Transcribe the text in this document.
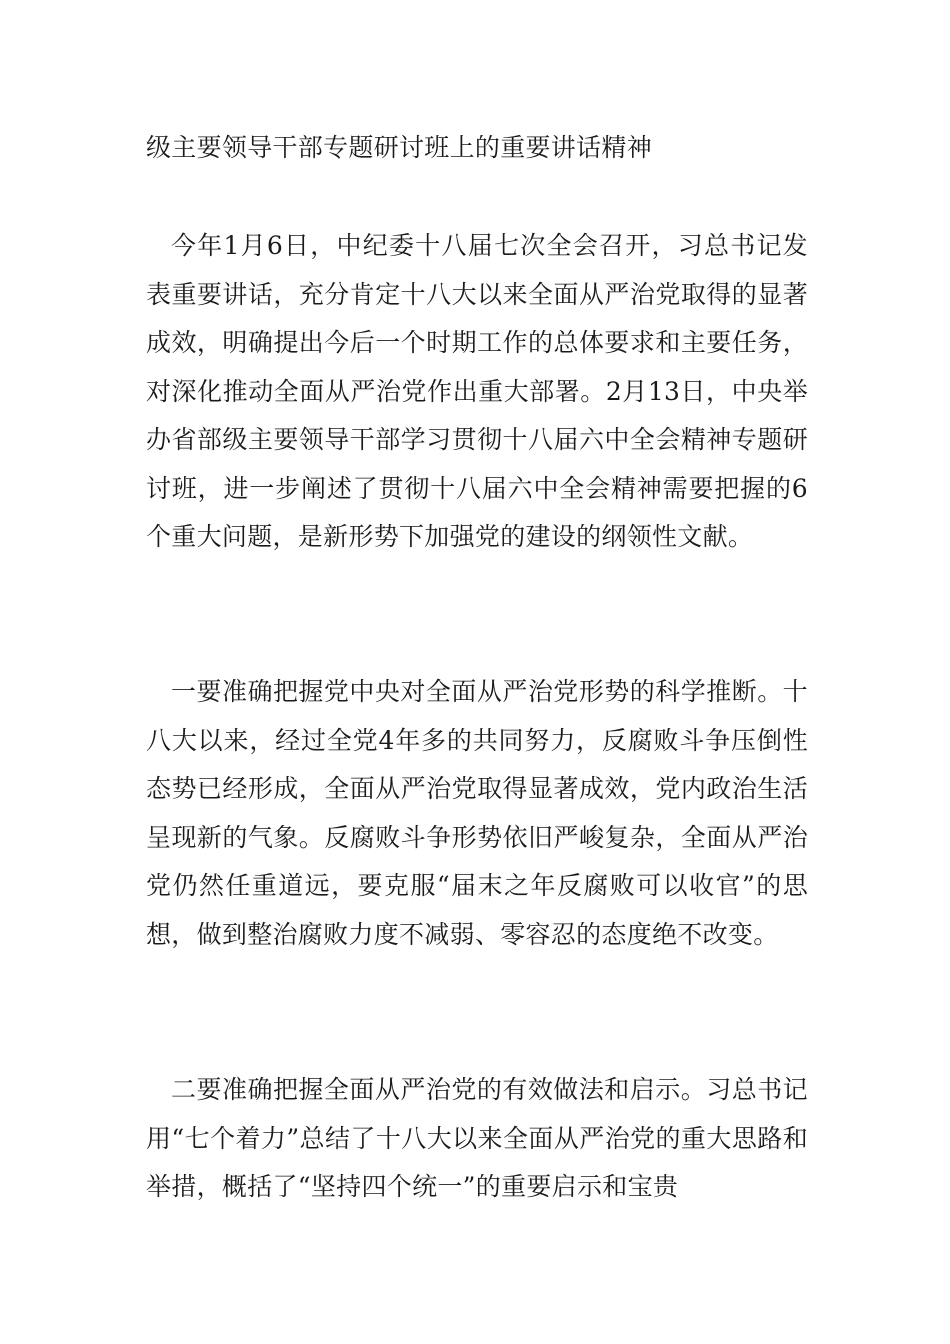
级主要领导干部专题研讨班上的重要讲话精神

今年1月6日，中纪委十八届七次全会召开，习总书记发表重要讲话，充分肯定十八大以来全面从严治党取得的显著成效，明确提出今后一个时期工作的总体要求和主要任务，对深化推动全面从严治党作出重大部署。2月13日，中央举办省部级主要领导干部学习贯彻十八届六中全会精神专题研讨班，进一步阐述了贯彻十八届六中全会精神需要把握的6个重大问题，是新形势下加强党的建设的纲领性文献。

一要准确把握党中央对全面从严治党形势的科学推断。十八大以来，经过全党4年多的共同努力，反腐败斗争压倒性态势已经形成，全面从严治党取得显著成效，党内政治生活呈现新的气象。反腐败斗争形势依旧严峻复杂，全面从严治党仍然任重道远，要克服“届末之年反腐败可以收官”的思想，做到整治腐败力度不减弱、零容忍的态度绝不改变。

二要准确把握全面从严治党的有效做法和启示。习总书记用“七个着力”总结了十八大以来全面从严治党的重大思路和举措，概括了“坚持四个统一”的重要启示和宝贵
